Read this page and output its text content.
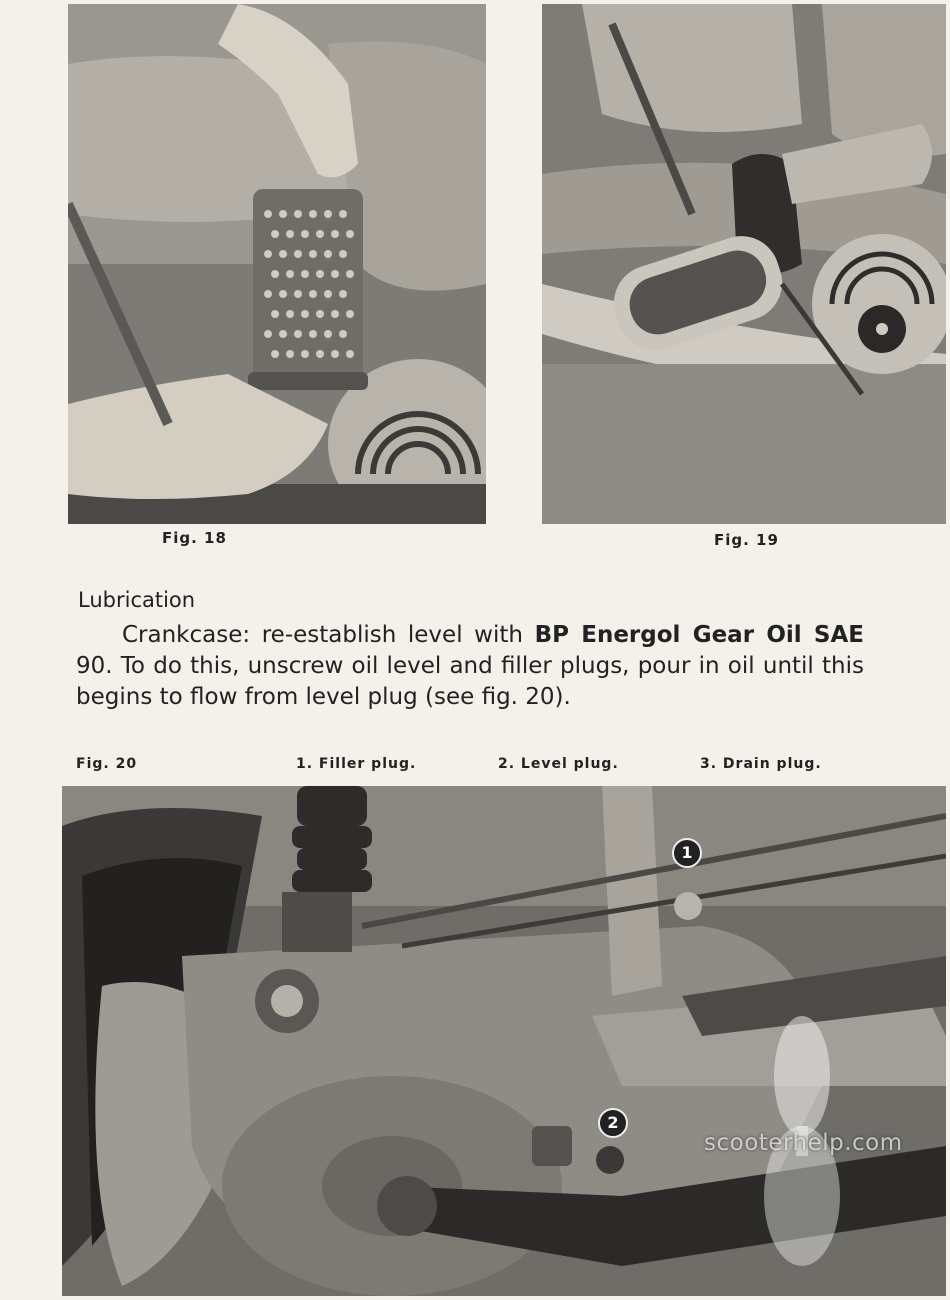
Fig. 18	Fig. 19
Lubrication
Crankcase: re-establish level with BP Energol Gear Oil SAE 90. To do this, unscrew oil level and filler plugs, pour in oil until this begins to flow from level plug (see fig. 20).
Fig. 20	1. Filler plug.	2. Level plug.	3. Drain plug.
1
2
scooterhelp.com
